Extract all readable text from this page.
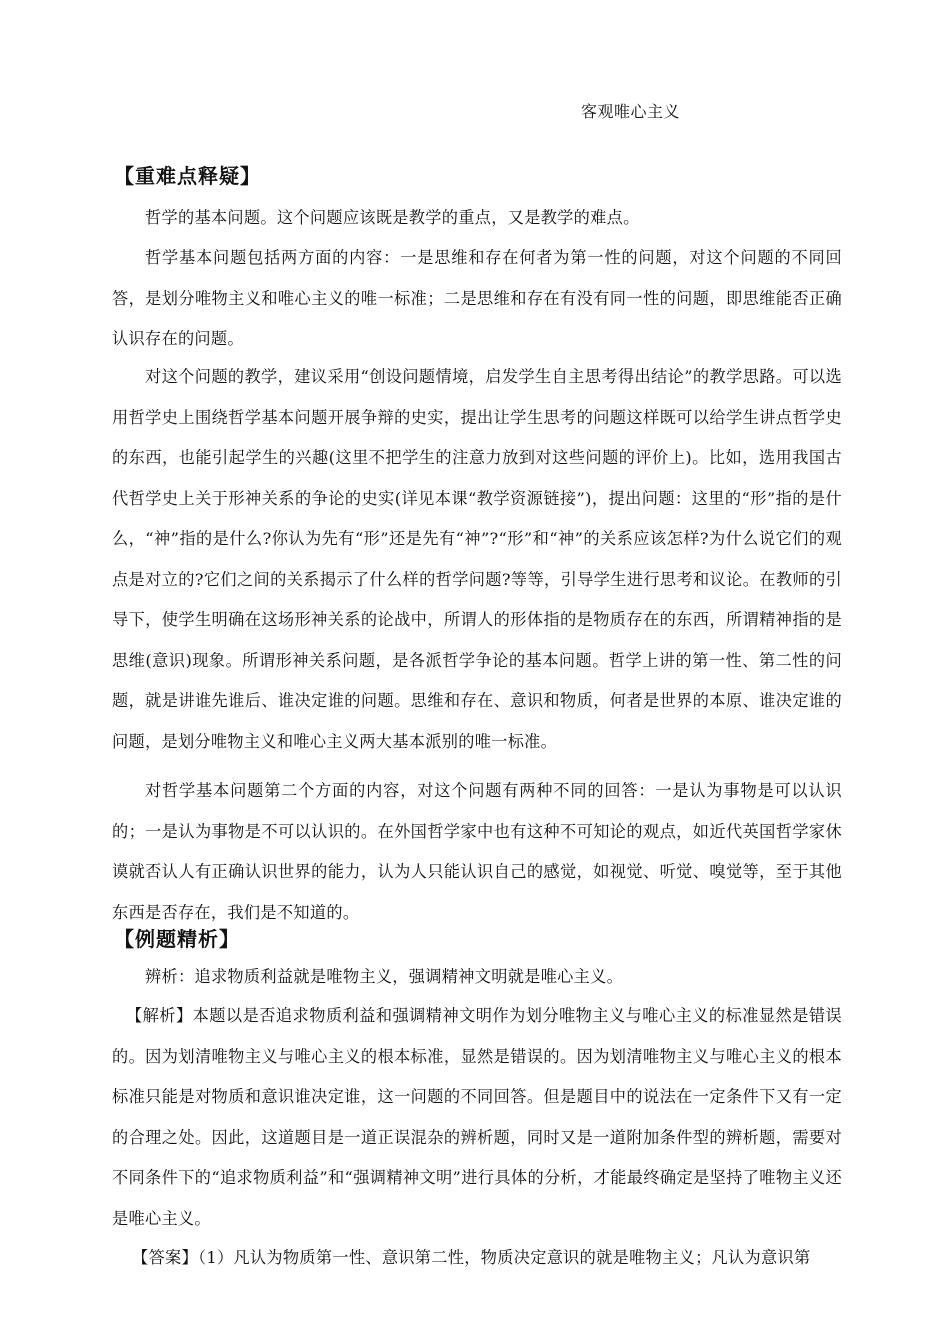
客观唯心主义
【重难点释疑】

哲学的基本问题。这个问题应该既是教学的重点，又是教学的难点。

哲学基本问题包括两方面的内容：一是思维和存在何者为第一性的问题，对这个问题的不同回答，是划分唯物主义和唯心主义的唯一标准；二是思维和存在有没有同一性的问题，即思维能否正确认识存在的问题。

对这个问题的教学，建议采用“创设问题情境，启发学生自主思考得出结论”的教学思路。可以选用哲学史上围绕哲学基本问题开展争辩的史实，提出让学生思考的问题这样既可以给学生讲点哲学史的东西，也能引起学生的兴趣(这里不把学生的注意力放到对这些问题的评价上)。比如，选用我国古代哲学史上关于形神关系的争论的史实(详见本课“教学资源链接”)，提出问题：这里的“形”指的是什么，“神”指的是什么?你认为先有“形”还是先有“神”?“形”和“神”的关系应该怎样?为什么说它们的观点是对立的?它们之间的关系揭示了什么样的哲学问题?等等，引导学生进行思考和议论。在教师的引导下，使学生明确在这场形神关系的论战中，所谓人的形体指的是物质存在的东西，所谓精神指的是思维(意识)现象。所谓形神关系问题，是各派哲学争论的基本问题。哲学上讲的第一性、第二性的问题，就是讲谁先谁后、谁决定谁的问题。思维和存在、意识和物质，何者是世界的本原、谁决定谁的问题，是划分唯物主义和唯心主义两大基本派别的唯一标准。

对哲学基本问题第二个方面的内容，对这个问题有两种不同的回答：一是认为事物是可以认识的；一是认为事物是不可以认识的。在外国哲学家中也有这种不可知论的观点，如近代英国哲学家休谟就否认人有正确认识世界的能力，认为人只能认识自己的感觉，如视觉、听觉、嗅觉等，至于其他东西是否存在，我们是不知道的。

【例题精析】

辨析：追求物质利益就是唯物主义，强调精神文明就是唯心主义。

【解析】本题以是否追求物质利益和强调精神文明作为划分唯物主义与唯心主义的标准显然是错误的。因为划清唯物主义与唯心主义的根本标准，显然是错误的。因为划清唯物主义与唯心主义的根本标准只能是对物质和意识谁决定谁，这一问题的不同回答。但是题目中的说法在一定条件下又有一定的合理之处。因此，这道题目是一道正误混杂的辨析题，同时又是一道附加条件型的辨析题，需要对不同条件下的“追求物质利益”和“强调精神文明”进行具体的分析，才能最终确定是坚持了唯物主义还是唯心主义。

【答案】（1）凡认为物质第一性、意识第二性，物质决定意识的就是唯物主义；凡认为意识第
